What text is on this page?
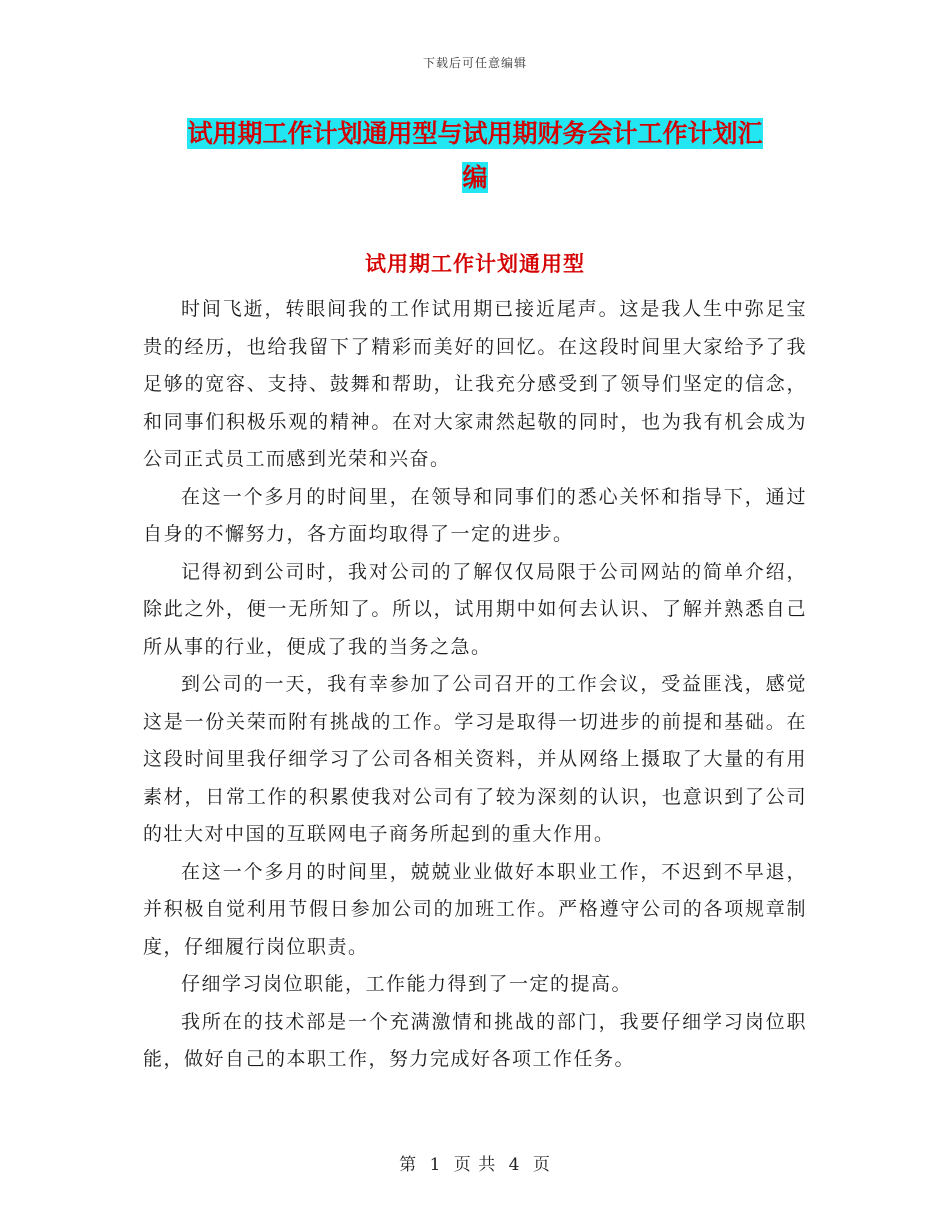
下载后可任意编辑
试用期工作计划通用型与试用期财务会计工作计划汇
编
试用期工作计划通用型

时间飞逝，转眼间我的工作试用期已接近尾声。这是我人生中弥足宝贵的经历，也给我留下了精彩而美好的回忆。在这段时间里大家给予了我足够的宽容、支持、鼓舞和帮助，让我充分感受到了领导们坚定的信念，和同事们积极乐观的精神。在对大家肃然起敬的同时，也为我有机会成为公司正式员工而感到光荣和兴奋。

在这一个多月的时间里，在领导和同事们的悉心关怀和指导下，通过自身的不懈努力，各方面均取得了一定的进步。

记得初到公司时，我对公司的了解仅仅局限于公司网站的简单介绍，除此之外，便一无所知了。所以，试用期中如何去认识、了解并熟悉自己所从事的行业，便成了我的当务之急。

到公司的一天，我有幸参加了公司召开的工作会议，受益匪浅，感觉这是一份关荣而附有挑战的工作。学习是取得一切进步的前提和基础。在这段时间里我仔细学习了公司各相关资料，并从网络上摄取了大量的有用素材，日常工作的积累使我对公司有了较为深刻的认识，也意识到了公司的壮大对中国的互联网电子商务所起到的重大作用。

在这一个多月的时间里，兢兢业业做好本职业工作，不迟到不早退，并积极自觉利用节假日参加公司的加班工作。严格遵守公司的各项规章制度，仔细履行岗位职责。

仔细学习岗位职能，工作能力得到了一定的提高。

我所在的技术部是一个充满激情和挑战的部门，我要仔细学习岗位职能，做好自己的本职工作，努力完成好各项工作任务。

第 1 页 共 4 页
